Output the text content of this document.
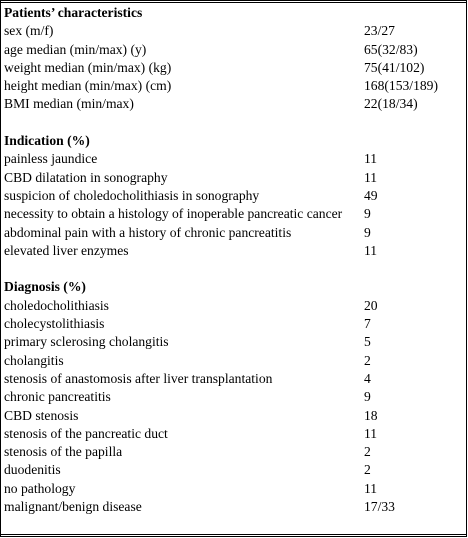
Patients’ characteristics
sex (m/f)	23/27
age median (min/max) (y)	65(32/83)
weight median (min/max) (kg)	75(41/102)
height median (min/max) (cm)	168(153/189)
BMI median (min/max)	22(18/34)
Indication (%)
painless jaundice	11
CBD dilatation in sonography	11
suspicion of choledocholithiasis in sonography	49
necessity to obtain a histology of inoperable pancreatic cancer	9
abdominal pain with a history of chronic pancreatitis	9
elevated liver enzymes	11
Diagnosis (%)
choledocholithiasis	20
cholecystolithiasis	7
primary sclerosing cholangitis	5
cholangitis	2
stenosis of anastomosis after liver transplantation	4
chronic pancreatitis	9
CBD stenosis	18
stenosis of the pancreatic duct	11
stenosis of the papilla	2
duodenitis	2
no pathology	11
malignant/benign disease	17/33
